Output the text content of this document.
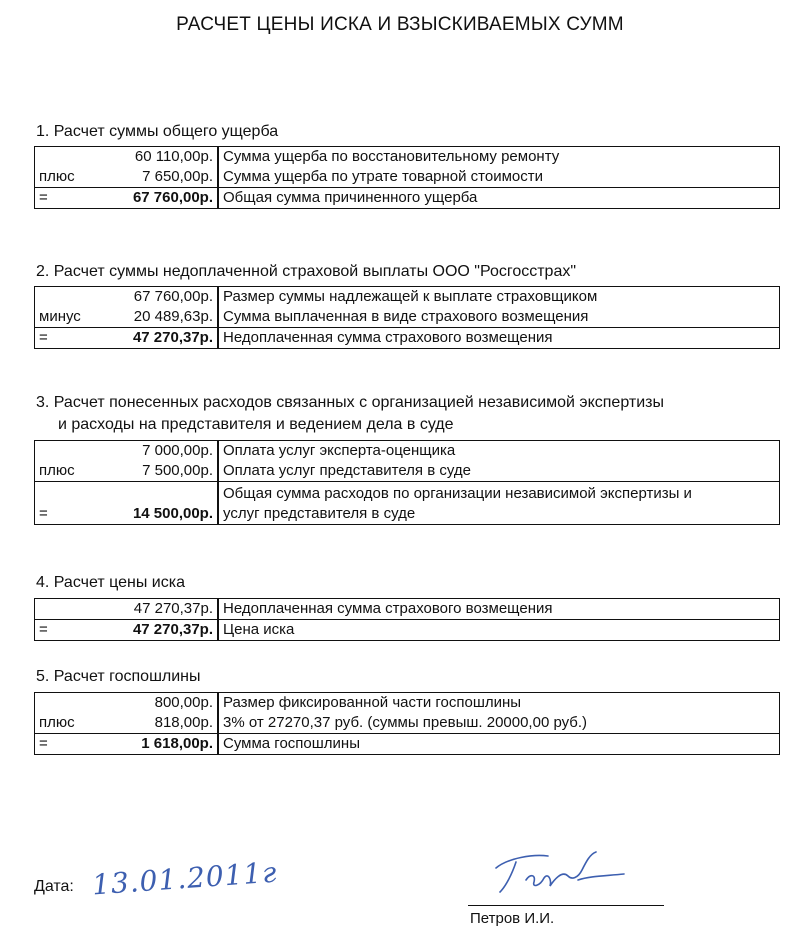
РАСЧЕТ ЦЕНЫ ИСКА И ВЗЫСКИВАЕМЫХ СУММ
1. Расчет суммы общего ущерба
	60 110,00р.	Сумма ущерба по восстановительному ремонту
плюс	7 650,00р.	Сумма ущерба по утрате товарной стоимости
=	67 760,00р.	Общая сумма причиненного ущерба
2. Расчет суммы недоплаченной страховой выплаты ООО "Росгосстрах"
	67 760,00р.	Размер суммы надлежащей к выплате страховщиком
минус	20 489,63р.	Сумма выплаченная в виде страхового возмещения
=	47 270,37р.	Недоплаченная сумма страхового возмещения
3. Расчет понесенных расходов связанных с организацией независимой экспертизы
и расходы на представителя и ведением дела в суде
	7 000,00р.	Оплата услуг эксперта-оценщика
плюс	7 500,00р.	Оплата услуг представителя в суде
=	14 500,00р.	Общая сумма расходов по организации независимой экспертизы и
услуг представителя в суде
4. Расчет цены иска
	47 270,37р.	Недоплаченная сумма страхового возмещения
=	47 270,37р.	Цена иска
5. Расчет госпошлины
	800,00р.	Размер фиксированной части госпошлины
плюс	818,00р.	3% от 27270,37 руб. (суммы превыш. 20000,00 руб.)
=	1 618,00р.	Сумма госпошлины
Дата: 13.01.2011г
Петров И.И.
